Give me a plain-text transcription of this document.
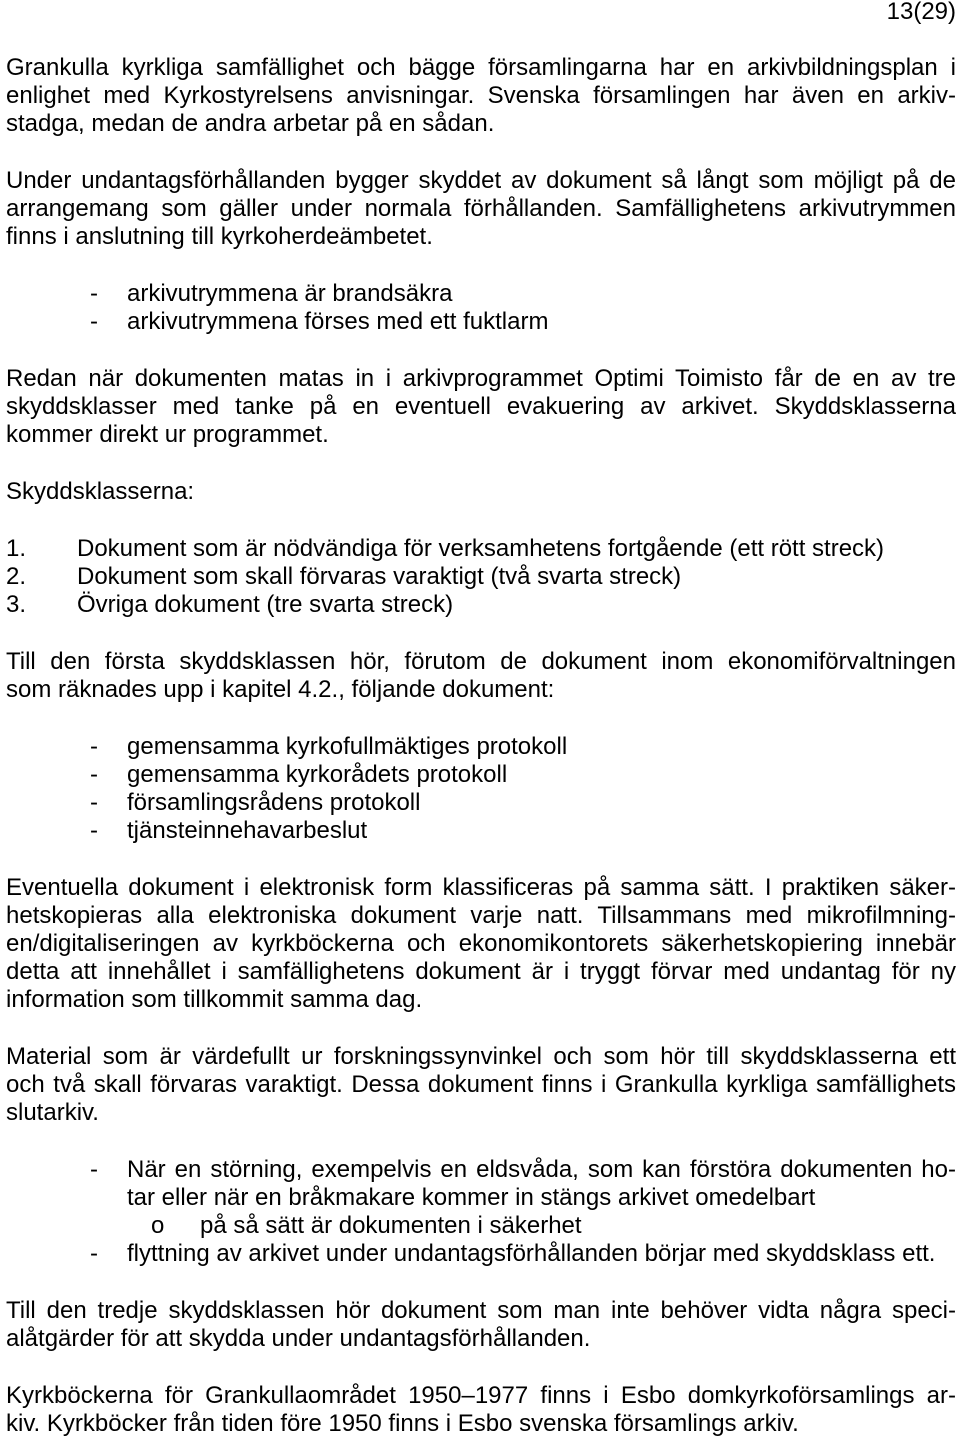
13(29)
Grankulla kyrkliga samfällighet och bägge församlingarna har en arkivbildningsplan i
enlighet med Kyrkostyrelsens anvisningar. Svenska församlingen har även en arkiv-
stadga, medan de andra arbetar på en sådan.
Under undantagsförhållanden bygger skyddet av dokument så långt som möjligt på de
arrangemang som gäller under normala förhållanden. Samfällighetens arkivutrymmen
finns i anslutning till kyrkoherdeämbetet.
-	arkivutrymmena är brandsäkra
-	arkivutrymmena förses med ett fuktlarm
Redan när dokumenten matas in i arkivprogrammet Optimi Toimisto får de en av tre
skyddsklasser med tanke på en eventuell evakuering av arkivet. Skyddsklasserna
kommer direkt ur programmet.
Skyddsklasserna:
1.	Dokument som är nödvändiga för verksamhetens fortgående (ett rött streck)
2.	Dokument som skall förvaras varaktigt (två svarta streck)
3.	Övriga dokument (tre svarta streck)
Till den första skyddsklassen hör, förutom de dokument inom ekonomiförvaltningen
som räknades upp i kapitel 4.2., följande dokument:
-	gemensamma kyrkofullmäktiges protokoll
-	gemensamma kyrkorådets protokoll
-	församlingsrådens protokoll
-	tjänsteinnehavarbeslut
Eventuella dokument i elektronisk form klassificeras på samma sätt. I praktiken säker-
hetskopieras alla elektroniska dokument varje natt. Tillsammans med mikrofilmning-
en/digitaliseringen av kyrkböckerna och ekonomikontorets säkerhetskopiering innebär
detta att innehållet i samfällighetens dokument är i tryggt förvar med undantag för ny
information som tillkommit samma dag.
Material som är värdefullt ur forskningssynvinkel och som hör till skyddsklasserna ett
och två skall förvaras varaktigt. Dessa dokument finns i Grankulla kyrkliga samfällighets
slutarkiv.
-	När en störning, exempelvis en eldsvåda, som kan förstöra dokumenten ho-
tar eller när en bråkmakare kommer in stängs arkivet omedelbart
o	på så sätt är dokumenten i säkerhet
-	flyttning av arkivet under undantagsförhållanden börjar med skyddsklass ett.
Till den tredje skyddsklassen hör dokument som man inte behöver vidta några speci-
alåtgärder för att skydda under undantagsförhållanden.
Kyrkböckerna för Grankullaområdet 1950–1977 finns i Esbo domkyrkoförsamlings ar-
kiv. Kyrkböcker från tiden före 1950 finns i Esbo svenska församlings arkiv.
